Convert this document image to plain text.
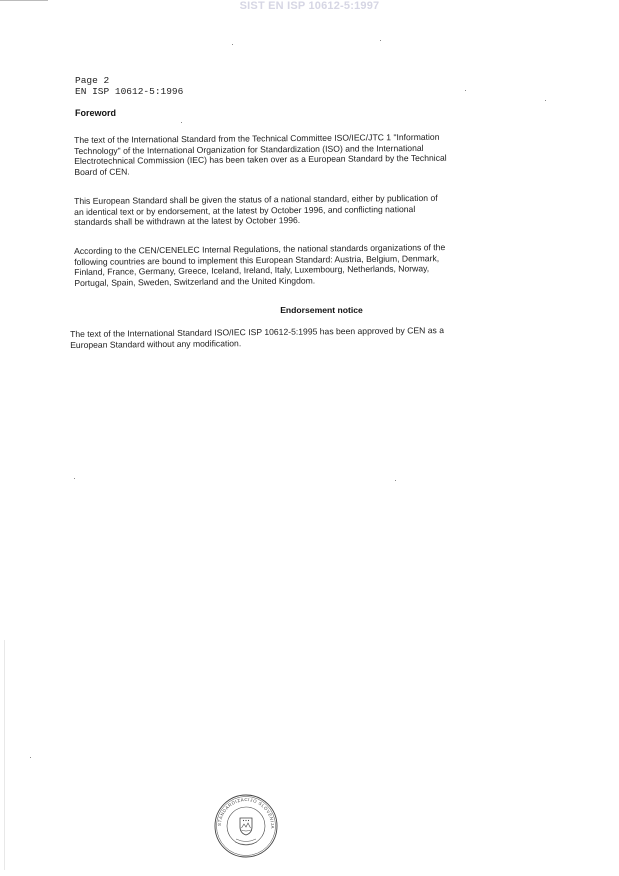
SIST EN ISP 10612-5:1997
Page 2
EN ISP 10612-5:1996
Foreword

The text of the International Standard from the Technical Committee ISO/IEC/JTC 1 "Information
Technology" of the International Organization for Standardization (ISO) and the International
Electrotechnical Commission (IEC) has been taken over as a European Standard by the Technical
Board of CEN.

This European Standard shall be given the status of a national standard, either by publication of
an identical text or by endorsement, at the latest by October 1996, and conflicting national
standards shall be withdrawn at the latest by October 1996.

According to the CEN/CENELEC Internal Regulations, the national standards organizations of the
following countries are bound to implement this European Standard: Austria, Belgium, Denmark,
Finland, France, Germany, Greece, Iceland, Ireland, Italy, Luxembourg, Netherlands, Norway,
Portugal, Spain, Sweden, Switzerland and the United Kingdom.

Endorsement notice

The text of the International Standard ISO/IEC ISP 10612-5:1995 has been approved by CEN as a
European Standard without any modification.

STANDARDIZACIJO SLOVENIJA
